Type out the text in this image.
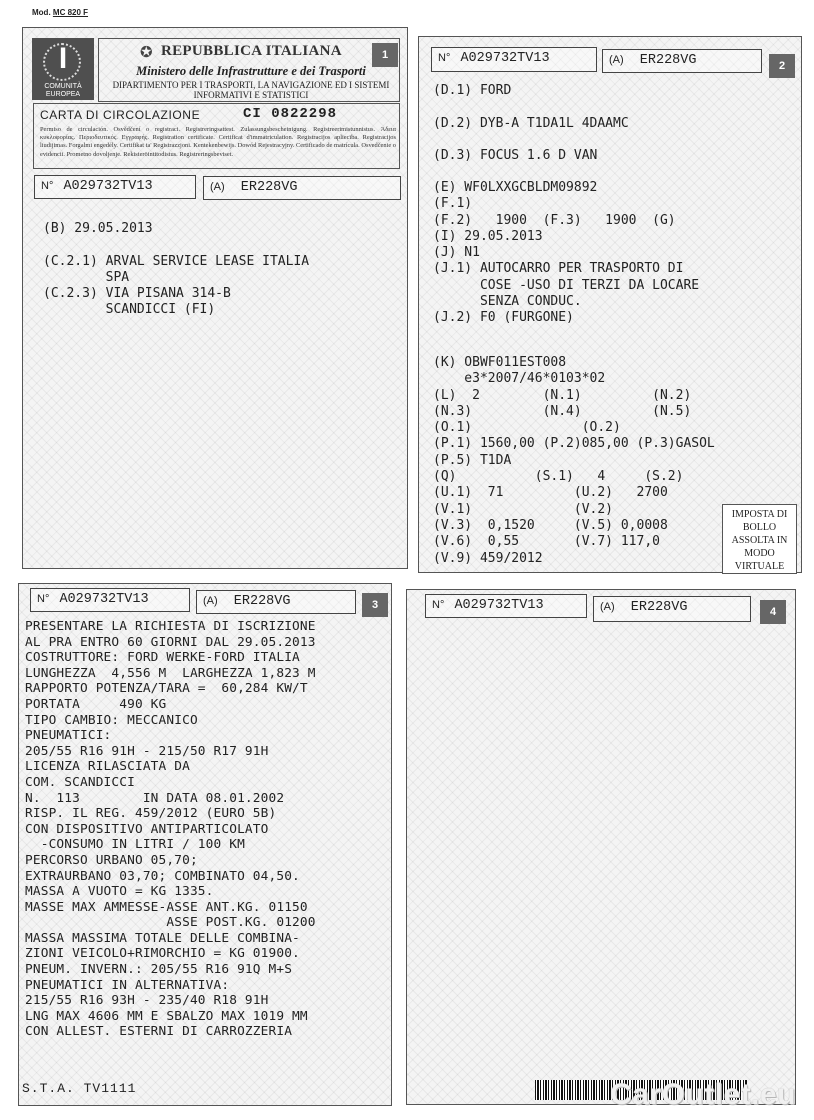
Mod. MC 820 F
I
COMUNITÀ EUROPEA
✪ REPUBBLICA ITALIANA
Ministero delle Infrastrutture e dei Trasporti
DIPARTIMENTO PER I TRASPORTI, LA NAVIGAZIONE ED I SISTEMI INFORMATIVI E STATISTICI
1
CARTA DI CIRCOLAZIONE	CI 0822298
Permiso de circulación. Osvědčení o registraci. Registreringsattest. Zulassungsbescheinigung. Registreerimistunnistus. Άδεια κυκλοφορίας. Περιοδευτικός. Εγγραφής. Registration certificate. Certificat d'immatriculation. Registracijos apliecība. Registracijos liudijimas. Forgalmi engedély. Certifikat ta' Registrazzjoni. Kentekenbewijs. Dowód Rejestracyjny. Certificado de matrícula. Osvedčenie o evidencii. Prometno dovoljenje. Rekisteröintitodistus. Registreringsbeviset.
N° A029732TV13	(A) ER228VG
(B) 29.05.2013

(C.2.1) ARVAL SERVICE LEASE ITALIA
SPA
(C.2.3) VIA PISANA 314-B
SCANDICCI (FI)
N° A029732TV13	(A) ER228VG	2
(D.1) FORD

(D.2) DYB-A T1DA1L 4DAAMC

(D.3) FOCUS 1.6 D VAN
(E) WF0LXXGCBLDM09892
(F.1)
(F.2)   1900  (F.3)   1900  (G)
(I) 29.05.2013
(J) N1
(J.1) AUTOCARRO PER TRASPORTO DI
COSE -USO DI TERZI DA LOCARE
SENZA CONDUC.
(J.2) F0 (FURGONE)
(K) OBWF011EST008
e3*2007/46*0103*02
(L)  2        (N.1)         (N.2)
(N.3)         (N.4)         (N.5)
(O.1)              (O.2)
(P.1) 1560,00 (P.2)085,00 (P.3)GASOL
(P.5) T1DA
(Q)          (S.1)   4     (S.2)
(U.1)  71         (U.2)   2700
(V.1)             (V.2)
(V.3)  0,1520     (V.5) 0,0008
(V.6)  0,55       (V.7) 117,0
(V.9) 459/2012
IMPOSTA DI BOLLO ASSOLTA IN MODO VIRTUALE
N° A029732TV13	(A) ER228VG	3
PRESENTARE LA RICHIESTA DI ISCRIZIONE
AL PRA ENTRO 60 GIORNI DAL 29.05.2013
COSTRUTTORE: FORD WERKE-FORD ITALIA
LUNGHEZZA  4,556 M  LARGHEZZA 1,823 M
RAPPORTO POTENZA/TARA =  60,284 KW/T
PORTATA     490 KG
TIPO CAMBIO: MECCANICO
PNEUMATICI:
205/55 R16 91H - 215/50 R17 91H
LICENZA RILASCIATA DA
COM. SCANDICCI
N.  113        IN DATA 08.01.2002
RISP. IL REG. 459/2012 (EURO 5B)
CON DISPOSITIVO ANTIPARTICOLATO
-CONSUMO IN LITRI / 100 KM
PERCORSO URBANO 05,70;
EXTRAURBANO 03,70; COMBINATO 04,50.
MASSA A VUOTO = KG 1335.
MASSE MAX AMMESSE-ASSE ANT.KG. 01150
ASSE POST.KG. 01200
MASSA MASSIMA TOTALE DELLE COMBINA-
ZIONI VEICOLO+RIMORCHIO = KG 01900.
PNEUM. INVERN.: 205/55 R16 91Q M+S
PNEUMATICI IN ALTERNATIVA:
215/55 R16 93H - 235/40 R18 91H
LNG MAX 4606 MM E SBALZO MAX 1019 MM
CON ALLEST. ESTERNI DI CARROZZERIA
S.T.A. TV1111
N° A029732TV13	(A) ER228VG	4
CarOutlet.eu
